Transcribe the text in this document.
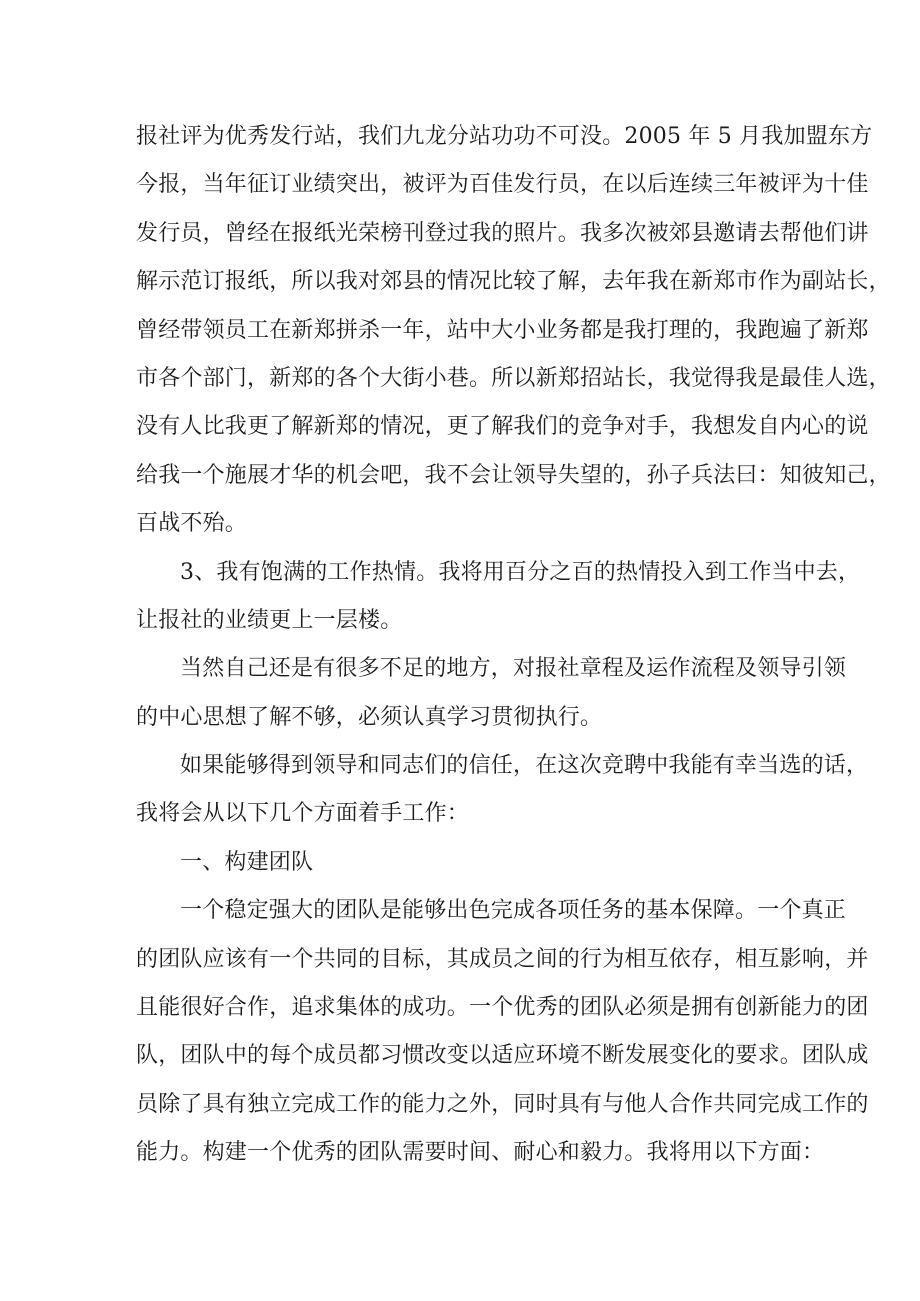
报社评为优秀发行站，我们九龙分站功功不可没。2005 年 5 月我加盟东方
今报，当年征订业绩突出，被评为百佳发行员，在以后连续三年被评为十佳
发行员，曾经在报纸光荣榜刊登过我的照片。我多次被郊县邀请去帮他们讲
解示范订报纸，所以我对郊县的情况比较了解，去年我在新郑市作为副站长，
曾经带领员工在新郑拼杀一年，站中大小业务都是我打理的，我跑遍了新郑
市各个部门，新郑的各个大街小巷。所以新郑招站长，我觉得我是最佳人选，
没有人比我更了解新郑的情况，更了解我们的竞争对手，我想发自内心的说
给我一个施展才华的机会吧，我不会让领导失望的，孙子兵法曰：知彼知己，
百战不殆。
3、我有饱满的工作热情。我将用百分之百的热情投入到工作当中去，
让报社的业绩更上一层楼。
当然自己还是有很多不足的地方，对报社章程及运作流程及领导引领
的中心思想了解不够，必须认真学习贯彻执行。
如果能够得到领导和同志们的信任，在这次竞聘中我能有幸当选的话，
我将会从以下几个方面着手工作：
一、构建团队
一个稳定强大的团队是能够出色完成各项任务的基本保障。一个真正
的团队应该有一个共同的目标，其成员之间的行为相互依存，相互影响，并
且能很好合作，追求集体的成功。一个优秀的团队必须是拥有创新能力的团
队，团队中的每个成员都习惯改变以适应环境不断发展变化的要求。团队成
员除了具有独立完成工作的能力之外，同时具有与他人合作共同完成工作的
能力。构建一个优秀的团队需要时间、耐心和毅力。我将用以下方面：
